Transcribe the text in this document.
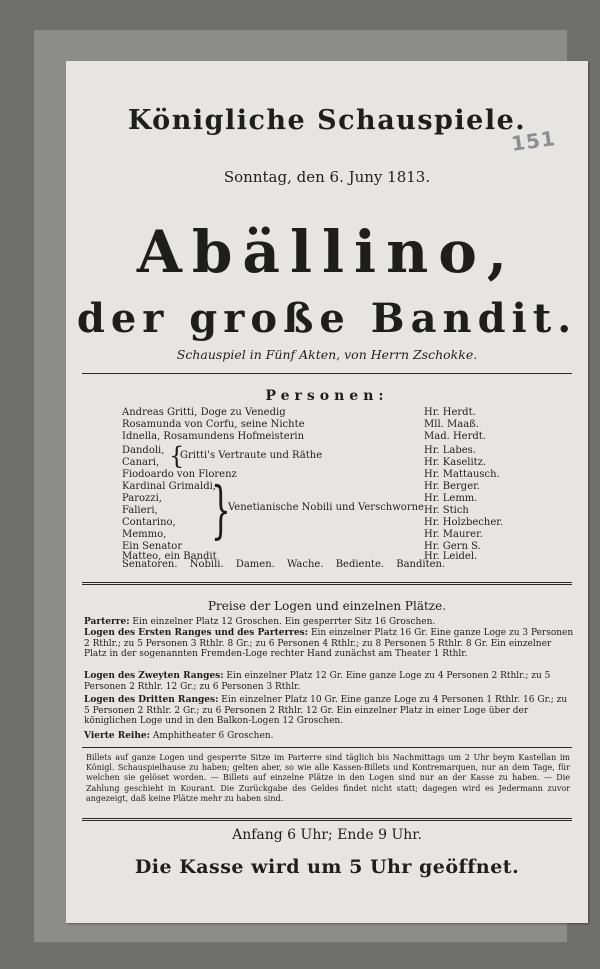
Königliche Schauspiele.
151
Sonntag, den 6. Juny 1813.
Abällino,
der große Bandit.
Schauspiel in Fünf Akten, von Herrn Zschokke.
Personen:
Andreas Gritti, Doge zu Venedig	Hr. Herdt.
Rosamunda von Corfu, seine Nichte	Mll. Maaß.
Idnella, Rosamundens Hofmeisterin	Mad. Herdt.
Dandoli,	Hr. Labes.
Canari,	Hr. Kaselitz.
{
Gritti's Vertraute und Räthe
Fiodoardo von Florenz	Hr. Mattausch.
Kardinal Grimaldi,	Hr. Berger.
Parozzi,	Hr. Lemm.
Falieri,	Hr. Stich
Contarino,	Hr. Holzbecher.
Memmo,	Hr. Maurer.
}
Venetianische Nobili und Verschworne
Ein Senator	Hr. Gern S.
Matteo, ein Bandit	Hr. Leidel.
Senatoren. Nobili. Damen. Wache. Bediente. Banditen.
Preise der Logen und einzelnen Plätze.
Parterre: Ein einzelner Platz 12 Groschen. Ein gesperrter Sitz 16 Groschen.
Logen des Ersten Ranges und des Parterres: Ein einzelner Platz 16 Gr. Eine ganze Loge zu 3 Personen 2 Rthlr.; zu 5 Personen 3 Rthlr. 8 Gr.; zu 6 Personen 4 Rthlr.; zu 8 Personen 5 Rthlr. 8 Gr. Ein einzelner Platz in der sogenannten Fremden-Loge rechter Hand zunächst am Theater 1 Rthlr.
Logen des Zweyten Ranges: Ein einzelner Platz 12 Gr. Eine ganze Loge zu 4 Personen 2 Rthlr.; zu 5 Personen 2 Rthlr. 12 Gr.; zu 6 Personen 3 Rthlr.
Logen des Dritten Ranges: Ein einzelner Platz 10 Gr. Eine ganze Loge zu 4 Personen 1 Rthlr. 16 Gr.; zu 5 Personen 2 Rthlr. 2 Gr.; zu 6 Personen 2 Rthlr. 12 Gr. Ein einzelner Platz in einer Loge über der königlichen Loge und in den Balkon-Logen 12 Groschen.
Vierte Reihe: Amphitheater 6 Groschen.
Billets auf ganze Logen und gesperrte Sitze im Parterre sind täglich bis Nachmittags um 2 Uhr beym Kastellan im Königl. Schauspielhause zu haben; gelten aber, so wie alle Kassen-Billets und Kontremarquen, nur an dem Tage, für welchen sie gelöset worden. — Billets auf einzelne Plätze in den Logen sind nur an der Kasse zu haben. — Die Zahlung geschieht in Kourant. Die Zurückgabe des Geldes findet nicht statt; dagegen wird es Jedermann zuvor angezeigt, daß keine Plätze mehr zu haben sind.
Anfang 6 Uhr; Ende 9 Uhr.
Die Kasse wird um 5 Uhr geöffnet.
